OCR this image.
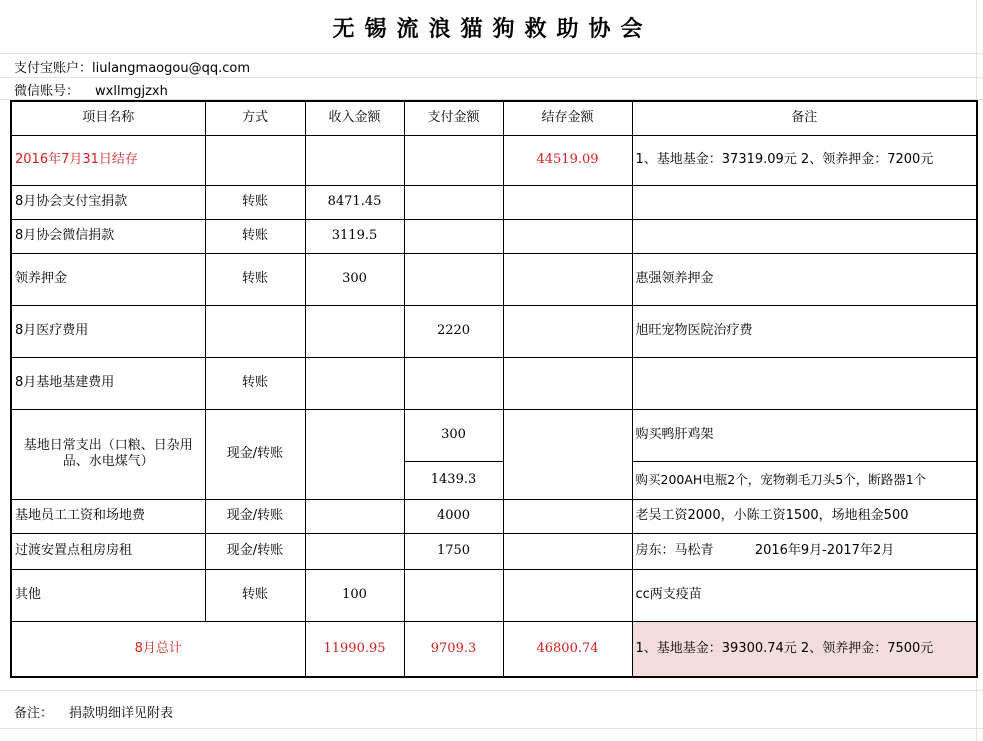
无锡流浪猫狗救助协会
支付宝账户：liulangmaogou@qq.com
微信账号： wxllmgjzxh
项目名称	方式	收入金额	支付金额	结存金额	备注
2016年7月31日结存				44519.09	1、基地基金：37319.09元 2、领养押金：7200元
8月协会支付宝捐款	转账	8471.45			
8月协会微信捐款	转账	3119.5			
领养押金	转账	300			惠强领养押金
8月医疗费用			2220		旭旺宠物医院治疗费
8月基地基建费用	转账				
基地日常支出（口粮、日杂用品、水电煤气）	现金/转账		300		购买鸭肝鸡架
			1439.3		购买200AH电瓶2个，宠物剃毛刀头5个，断路器1个
基地员工工资和场地费	现金/转账		4000		老吴工资2000，小陈工资1500，场地租金500
过渡安置点租房房租	现金/转账		1750		房东：马松青          2016年9月-2017年2月
其他	转账	100			cc两支疫苗
8月总计		11990.95	9709.3	46800.74	1、基地基金：39300.74元 2、领养押金：7500元
备注： 捐款明细详见附表
